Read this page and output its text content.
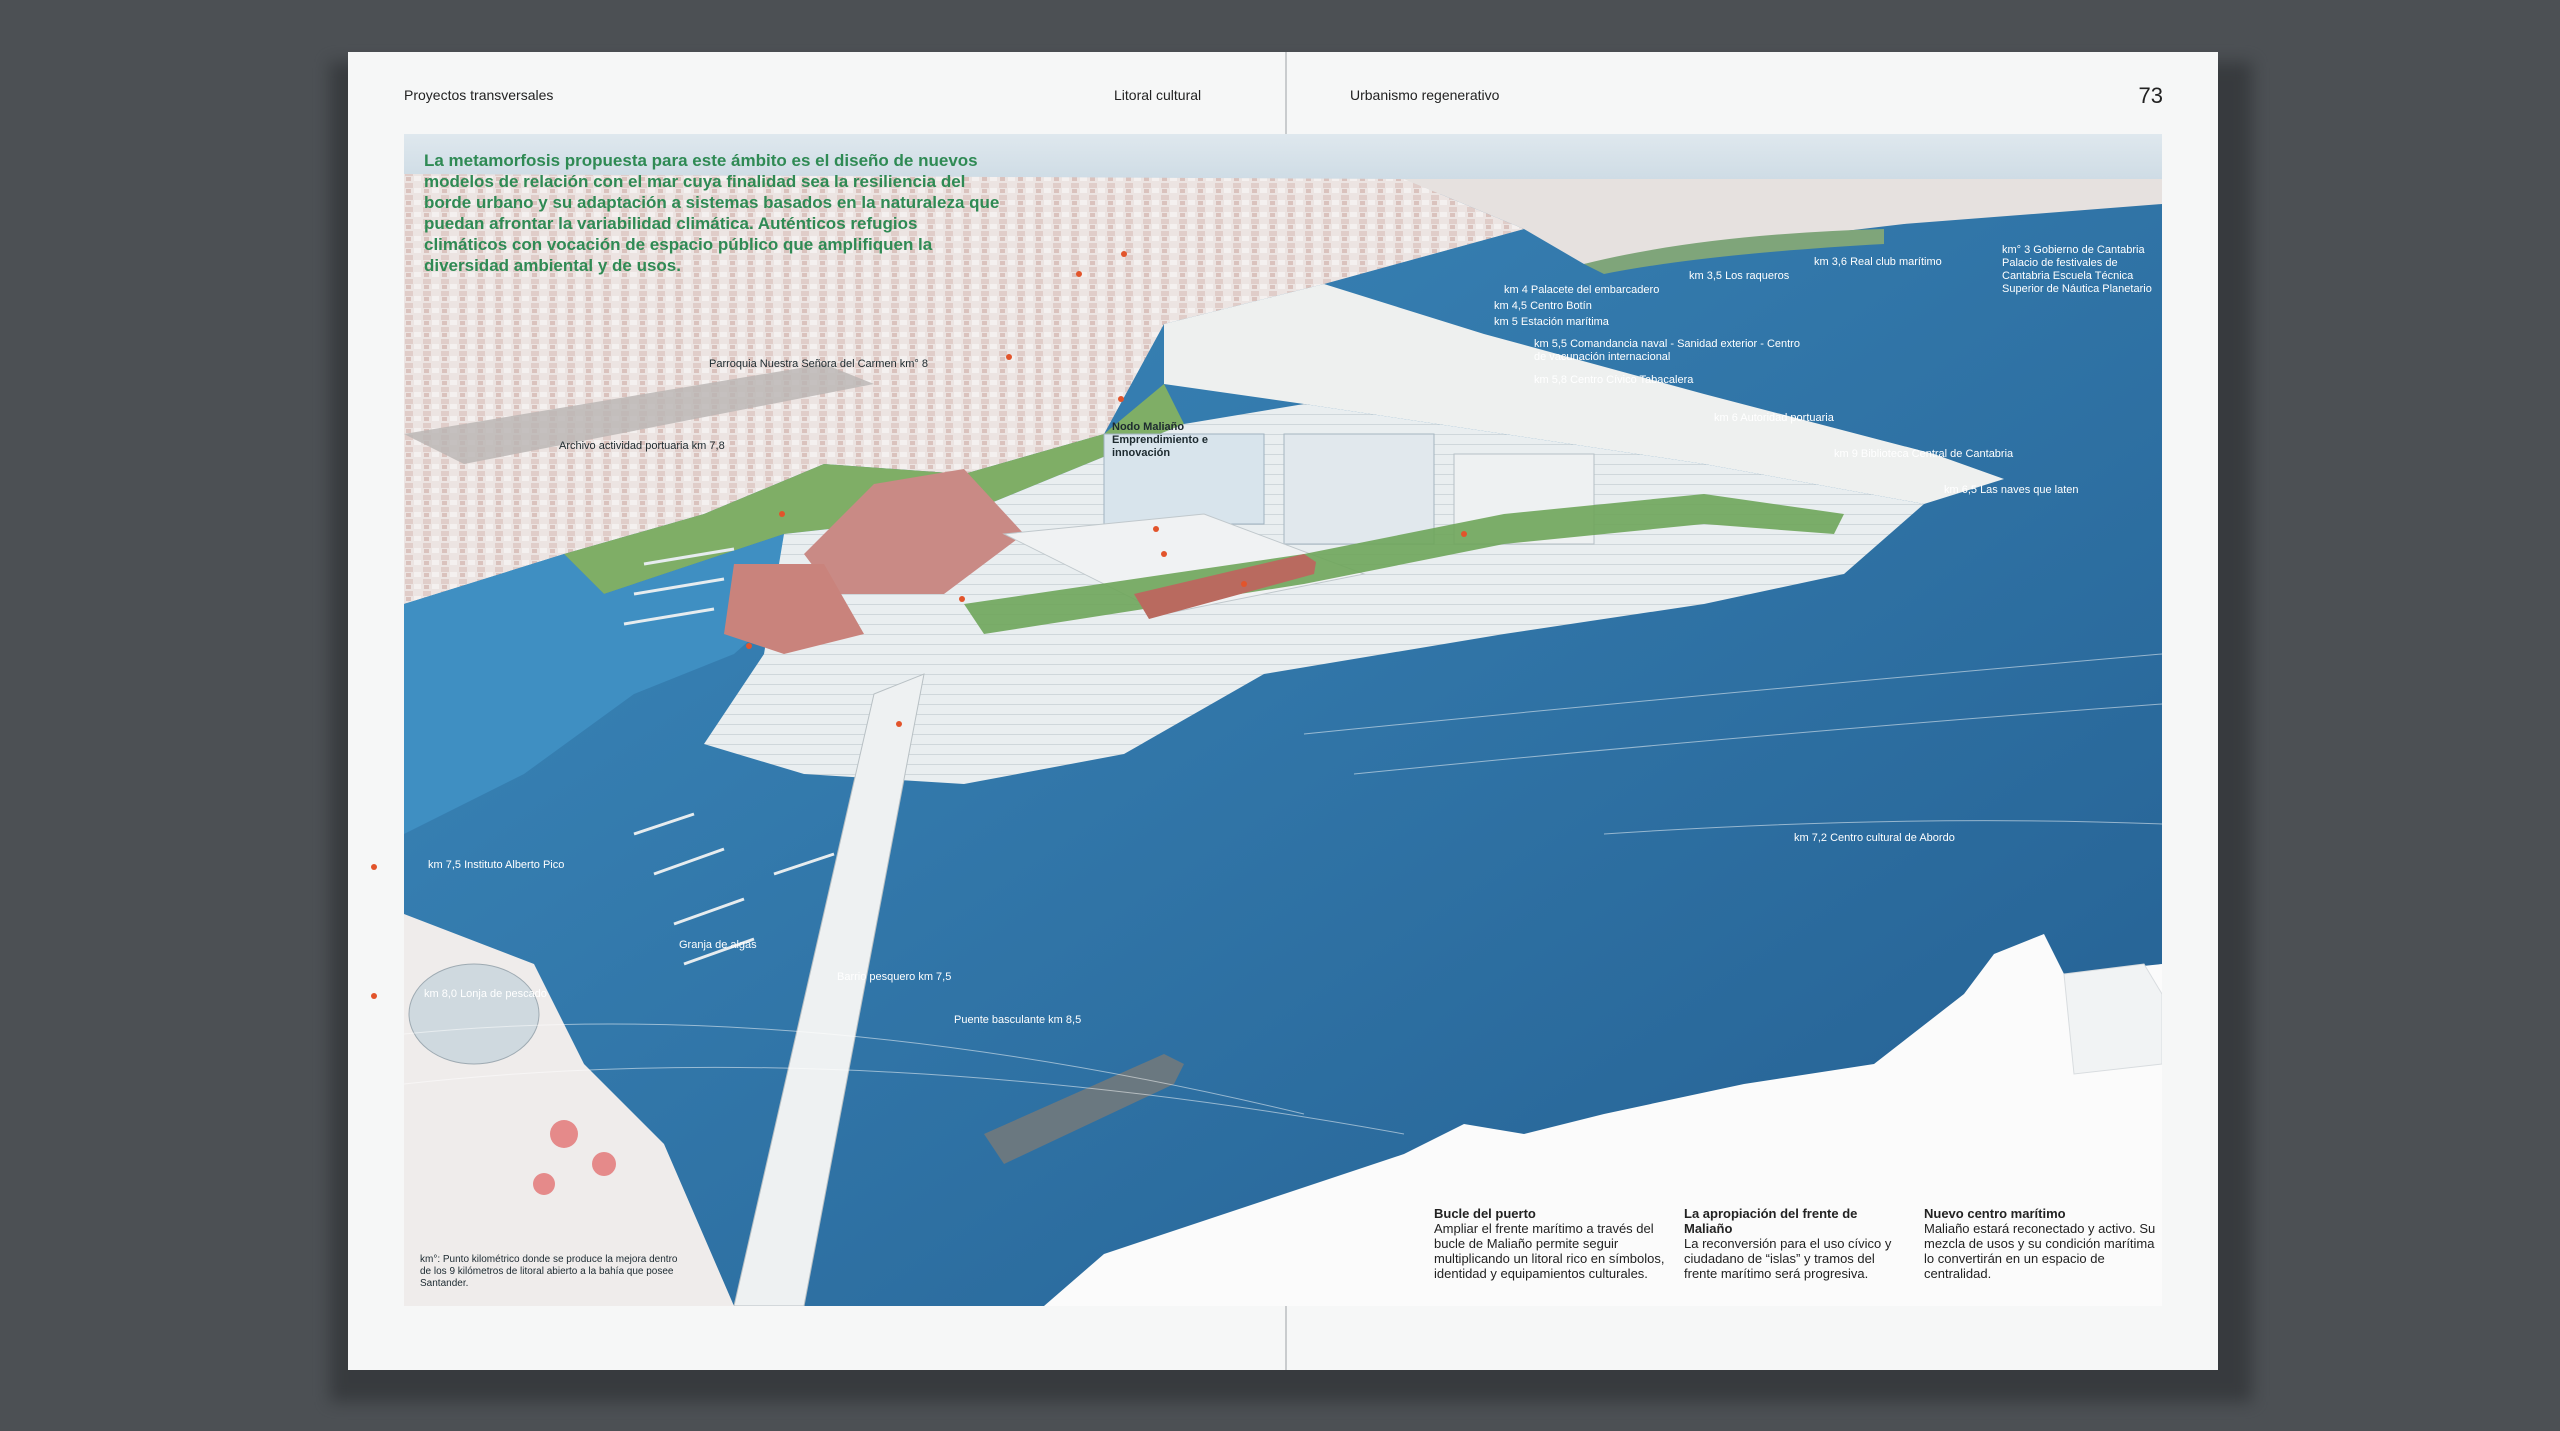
Proyectos transversales	Litoral cultural	Urbanismo regenerativo	73
La metamorfosis propuesta para este ámbito es el diseño de nuevos modelos de relación con el mar cuya finalidad sea la resiliencia del borde urbano y su adaptación a sistemas basados en la naturaleza que puedan afrontar la variabilidad climática. Auténticos refugios climáticos con vocación de espacio público que amplifiquen la diversidad ambiental y de usos.
Parroquia Nuestra Señora del Carmen km° 8
Archivo actividad portuaria km 7,8
Nodo Maliaño Emprendimiento e innovación
km 7,5 Instituto Alberto Pico
Granja de algas
Barrio pesquero km 7,5
km 8,0 Lonja de pescado
Puente basculante km 8,5
km 3,5 Los raqueros
km 3,6 Real club marítimo
km° 3 Gobierno de Cantabria Palacio de festivales de Cantabria Escuela Técnica Superior de Náutica Planetario
km 4 Palacete del embarcadero
km 4,5 Centro Botín
km 5 Estación marítima
km 5,5 Comandancia naval - Sanidad exterior - Centro de vacunación internacional
km 5,8 Centro Cívico Tabacalera
km 6 Autoridad portuaria
km 9 Biblioteca Central de Cantabria
km 6,5 Las naves que laten
km 7,2 Centro cultural de Abordo
km°: Punto kilométrico donde se produce la mejora dentro de los 9 kilómetros de litoral abierto a la bahía que posee Santander.
Bucle del puerto
Ampliar el frente marítimo a través del bucle de Maliaño permite seguir multiplicando un litoral rico en símbolos, identidad y equipamientos culturales.
La apropiación del frente de Maliaño
La reconversión para el uso cívico y ciudadano de “islas” y tramos del frente marítimo será progresiva.
Nuevo centro marítimo
Maliaño estará reconectado y activo. Su mezcla de usos y su condición marítima lo convertirán en un espacio de centralidad.
